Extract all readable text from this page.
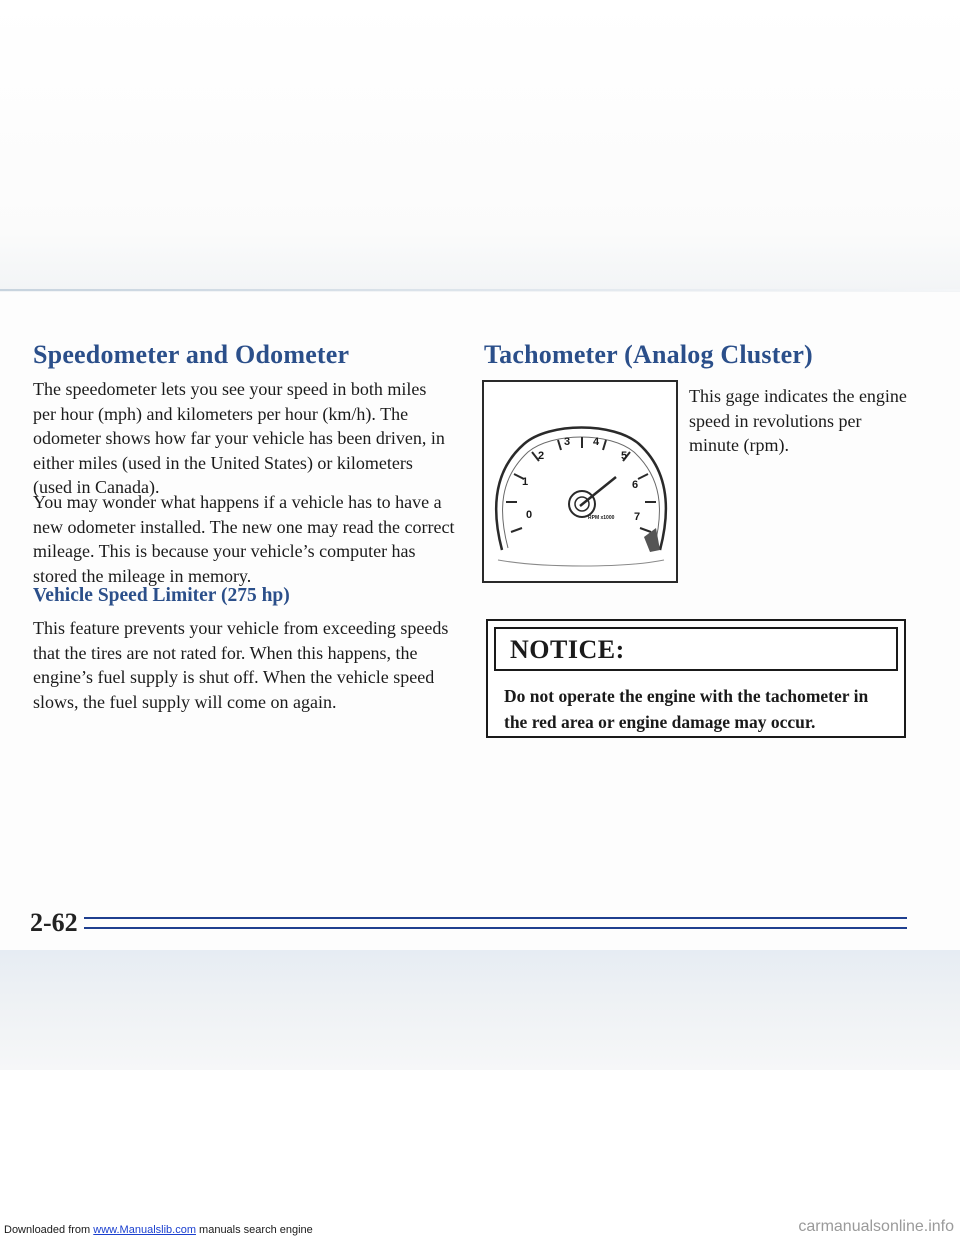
Speedometer and Odometer

The speedometer lets you see your speed in both miles per hour (mph) and kilometers per hour (km/h). The odometer shows how far your vehicle has been driven, in either miles (used in the United States) or kilometers (used in Canada).

You may wonder what happens if a vehicle has to have a new odometer installed. The new one may read the correct mileage. This is because your vehicle’s computer has stored the mileage in memory.

Vehicle Speed Limiter (275 hp)

This feature prevents your vehicle from exceeding speeds that the tires are not rated for. When this happens, the engine’s fuel supply is shut off. When the vehicle speed slows, the fuel supply will come on again.

Tachometer (Analog Cluster)
0
1
2
3 4
5
6
7
RPM x1000

This gage indicates the engine speed in revolutions per minute (rpm).

NOTICE:

Do not operate the engine with the tachometer in the red area or engine damage may occur.

2-62

Downloaded from www.Manualslib.com manuals search engine	carmanualsonline.info
